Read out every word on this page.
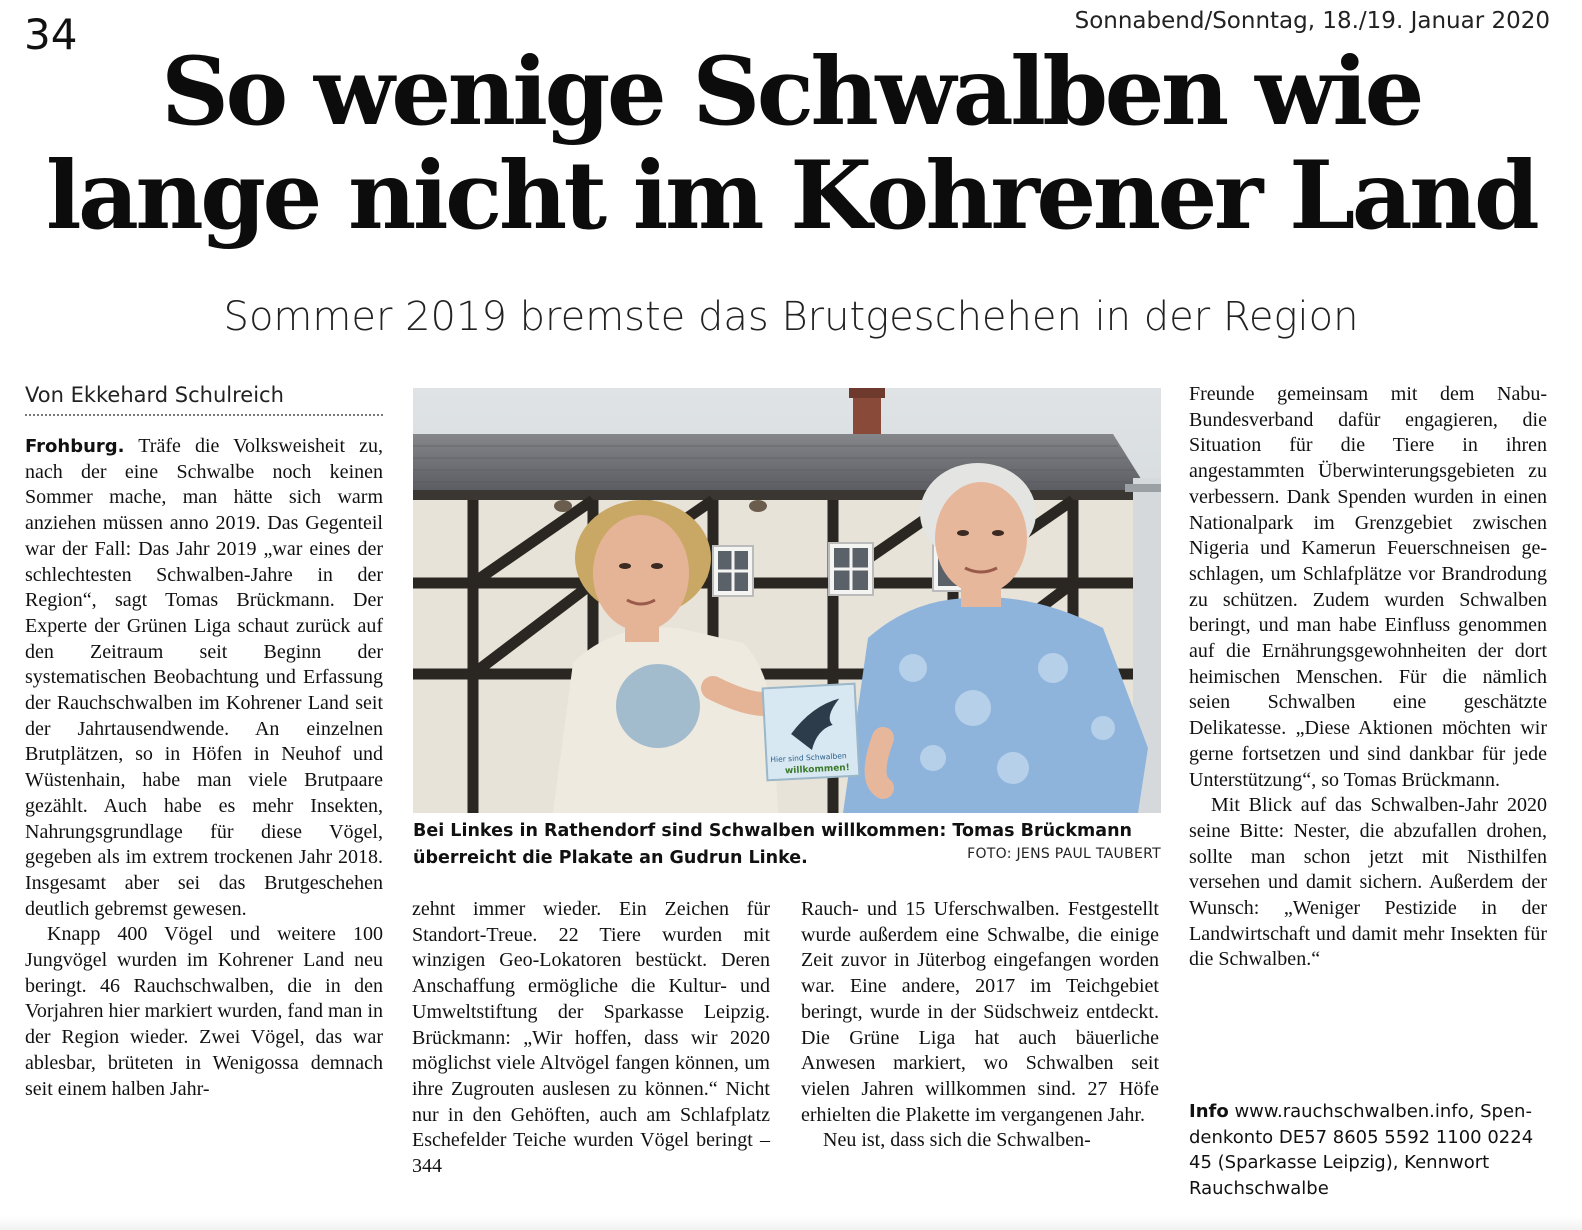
34	Sonnabend/Sonntag, 18./19. Januar 2020
So wenige Schwalben wie
lange nicht im Kohrener Land
Sommer 2019 bremste das Brutgeschehen in der Region
Von Ekkehard Schulreich

Frohburg. Träfe die Volksweisheit zu, nach der eine Schwalbe noch keinen Sommer mache, man hätte sich warm anziehen müssen anno 2019. Das Gegenteil war der Fall: Das Jahr 2019 „war eines der schlechtesten Schwalben-Jahre in der Region“, sagt Tomas Brückmann. Der Experte der Grünen Liga schaut zurück auf den Zeitraum seit Beginn der systematischen Beobachtung und Erfassung der Rauchschwalben im Kohrener Land seit der Jahrtausendwende. An einzelnen Brutplätzen, so in Höfen in Neuhof und Wüstenhain, habe man viele Brutpaare gezählt. Auch habe es mehr Insekten, Nahrungsgrundlage für diese Vögel, gegeben als im extrem trockenen Jahr 2018. Insgesamt aber sei das Brutgeschehen deutlich gebremst gewesen.

Knapp 400 Vögel und weitere 100 Jungvögel wurden im Kohrener Land neu beringt. 46 Rauchschwalben, die in den Vorjahren hier markiert wurden, fand man in der Region wieder. Zwei Vögel, das war ablesbar, brüteten in Wenigossa demnach seit einem halben Jahr-

Hier sind Schwalben
willkommen!
Bei Linkes in Rathendorf sind Schwalben willkommen: Tomas Brückmann überreicht die Plakate an Gudrun Linke.	FOTO: JENS PAUL TAUBERT

zehnt immer wieder. Ein Zeichen für Standort-Treue. 22 Tiere wurden mit winzigen Geo-Lokatoren bestückt. Deren Anschaffung ermögliche die Kultur- und Umweltstiftung der Sparkasse Leipzig. Brückmann: „Wir hoffen, dass wir 2020 möglichst viele Altvögel fangen können, um ihre Zugrouten auslesen zu können.“ Nicht nur in den Gehöften, auch am Schlafplatz Eschefelder Teiche wurden Vögel beringt – 344

Rauch- und 15 Uferschwalben. Festgestellt wurde außerdem eine Schwalbe, die einige Zeit zuvor in Jüterbog eingefangen worden war. Eine andere, 2017 im Teichgebiet beringt, wurde in der Südschweiz entdeckt. Die Grüne Liga hat auch bäuerliche Anwesen markiert, wo Schwalben seit vielen Jahren willkommen sind. 27 Höfe erhielten die Plakette im vergangenen Jahr.

Neu ist, dass sich die Schwalben-

Freunde gemeinsam mit dem Nabu-Bundesverband dafür engagieren, die Situation für die Tiere in ihren angestammten Überwinterungsgebieten zu verbessern. Dank Spenden wurden in einen Nationalpark im Grenzgebiet zwischen Nigeria und Kamerun Feuerschneisen geschlagen, um Schlafplätze vor Brandrodung zu schützen. Zudem wurden Schwalben beringt, und man habe Einfluss genommen auf die Ernährungsgewohnheiten der dort heimischen Menschen. Für die nämlich seien Schwalben eine geschätzte Delikatesse. „Diese Aktionen möchten wir gerne fortsetzen und sind dankbar für jede Unterstützung“, so Tomas Brückmann.

Mit Blick auf das Schwalben-Jahr 2020 seine Bitte: Nester, die abzufallen drohen, sollte man schon jetzt mit Nisthilfen versehen und damit sichern. Außerdem der Wunsch: „Weniger Pestizide in der Landwirtschaft und damit mehr Insekten für die Schwalben.“

Info www.rauchschwalben.info, Spendenkonto DE57 8605 5592 1100 0224 45 (Sparkasse Leipzig), Kennwort Rauchschwalbe
